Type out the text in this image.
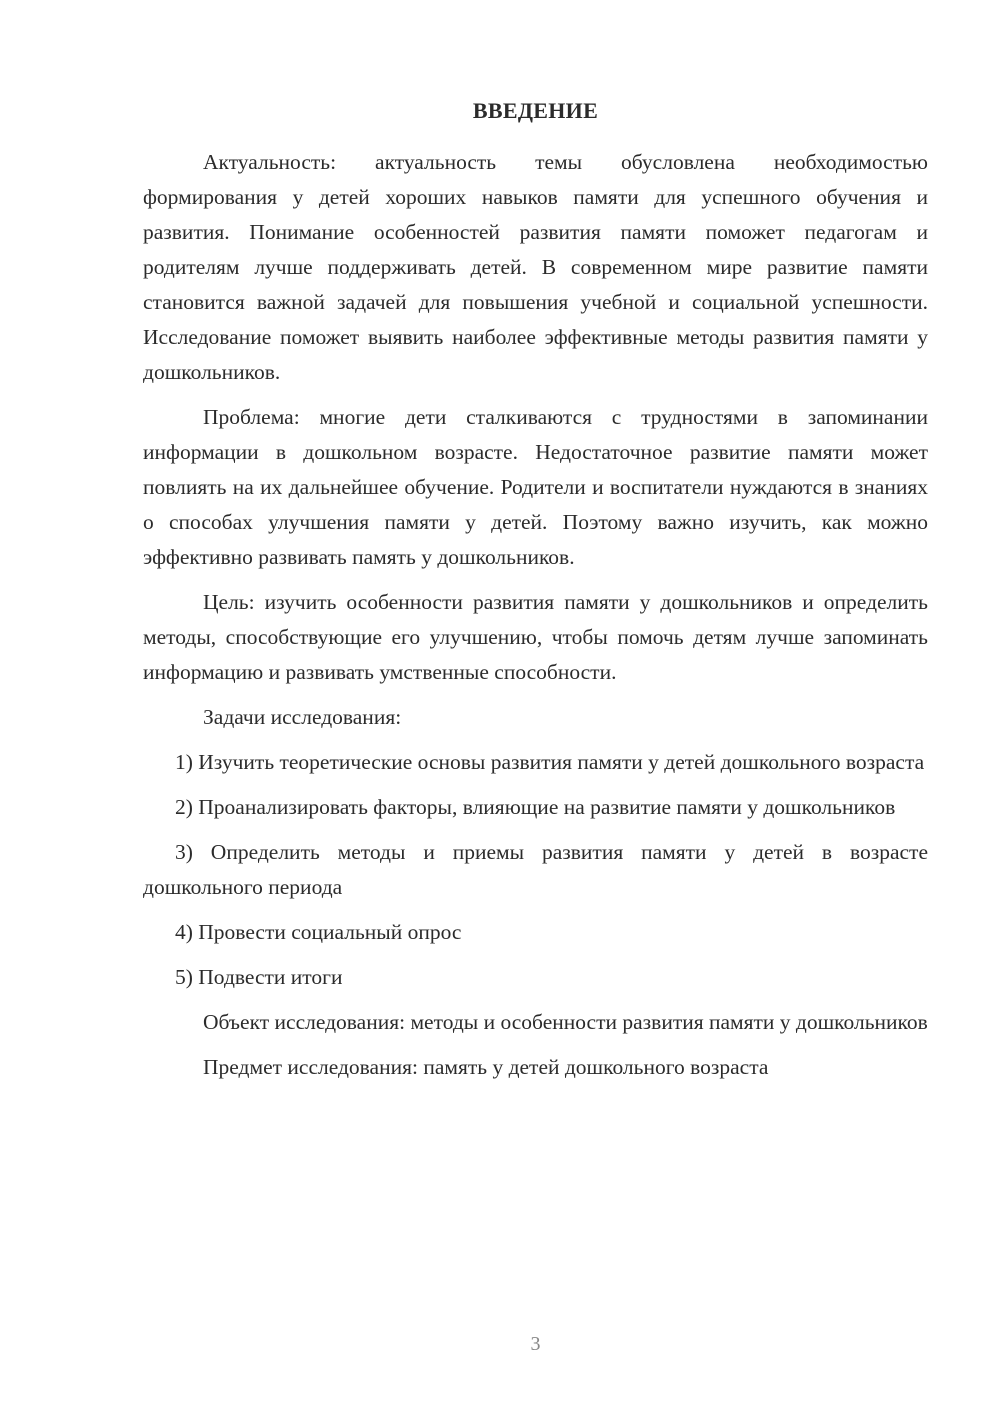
ВВЕДЕНИЕ

Актуальность: актуальность темы обусловлена необходимостью формирования у детей хороших навыков памяти для успешного обучения и развития. Понимание особенностей развития памяти поможет педагогам и родителям лучше поддерживать детей. В современном мире развитие памяти становится важной задачей для повышения учебной и социальной успешности. Исследование поможет выявить наиболее эффективные методы развития памяти у дошкольников.

Проблема: многие дети сталкиваются с трудностями в запоминании информации в дошкольном возрасте. Недостаточное развитие памяти может повлиять на их дальнейшее обучение. Родители и воспитатели нуждаются в знаниях о способах улучшения памяти у детей. Поэтому важно изучить, как можно эффективно развивать память у дошкольников.

Цель: изучить особенности развития памяти у дошкольников и определить методы, способствующие его улучшению, чтобы помочь детям лучше запоминать информацию и развивать умственные способности.

Задачи исследования:

1) Изучить теоретические основы развития памяти у детей дошкольного возраста

2) Проанализировать факторы, влияющие на развитие памяти у дошкольников

3) Определить методы и приемы развития памяти у детей в возрасте дошкольного периода

4) Провести социальный опрос

5) Подвести итоги

Объект исследования: методы и особенности развития памяти у дошкольников

Предмет исследования: память у детей дошкольного возраста

3
